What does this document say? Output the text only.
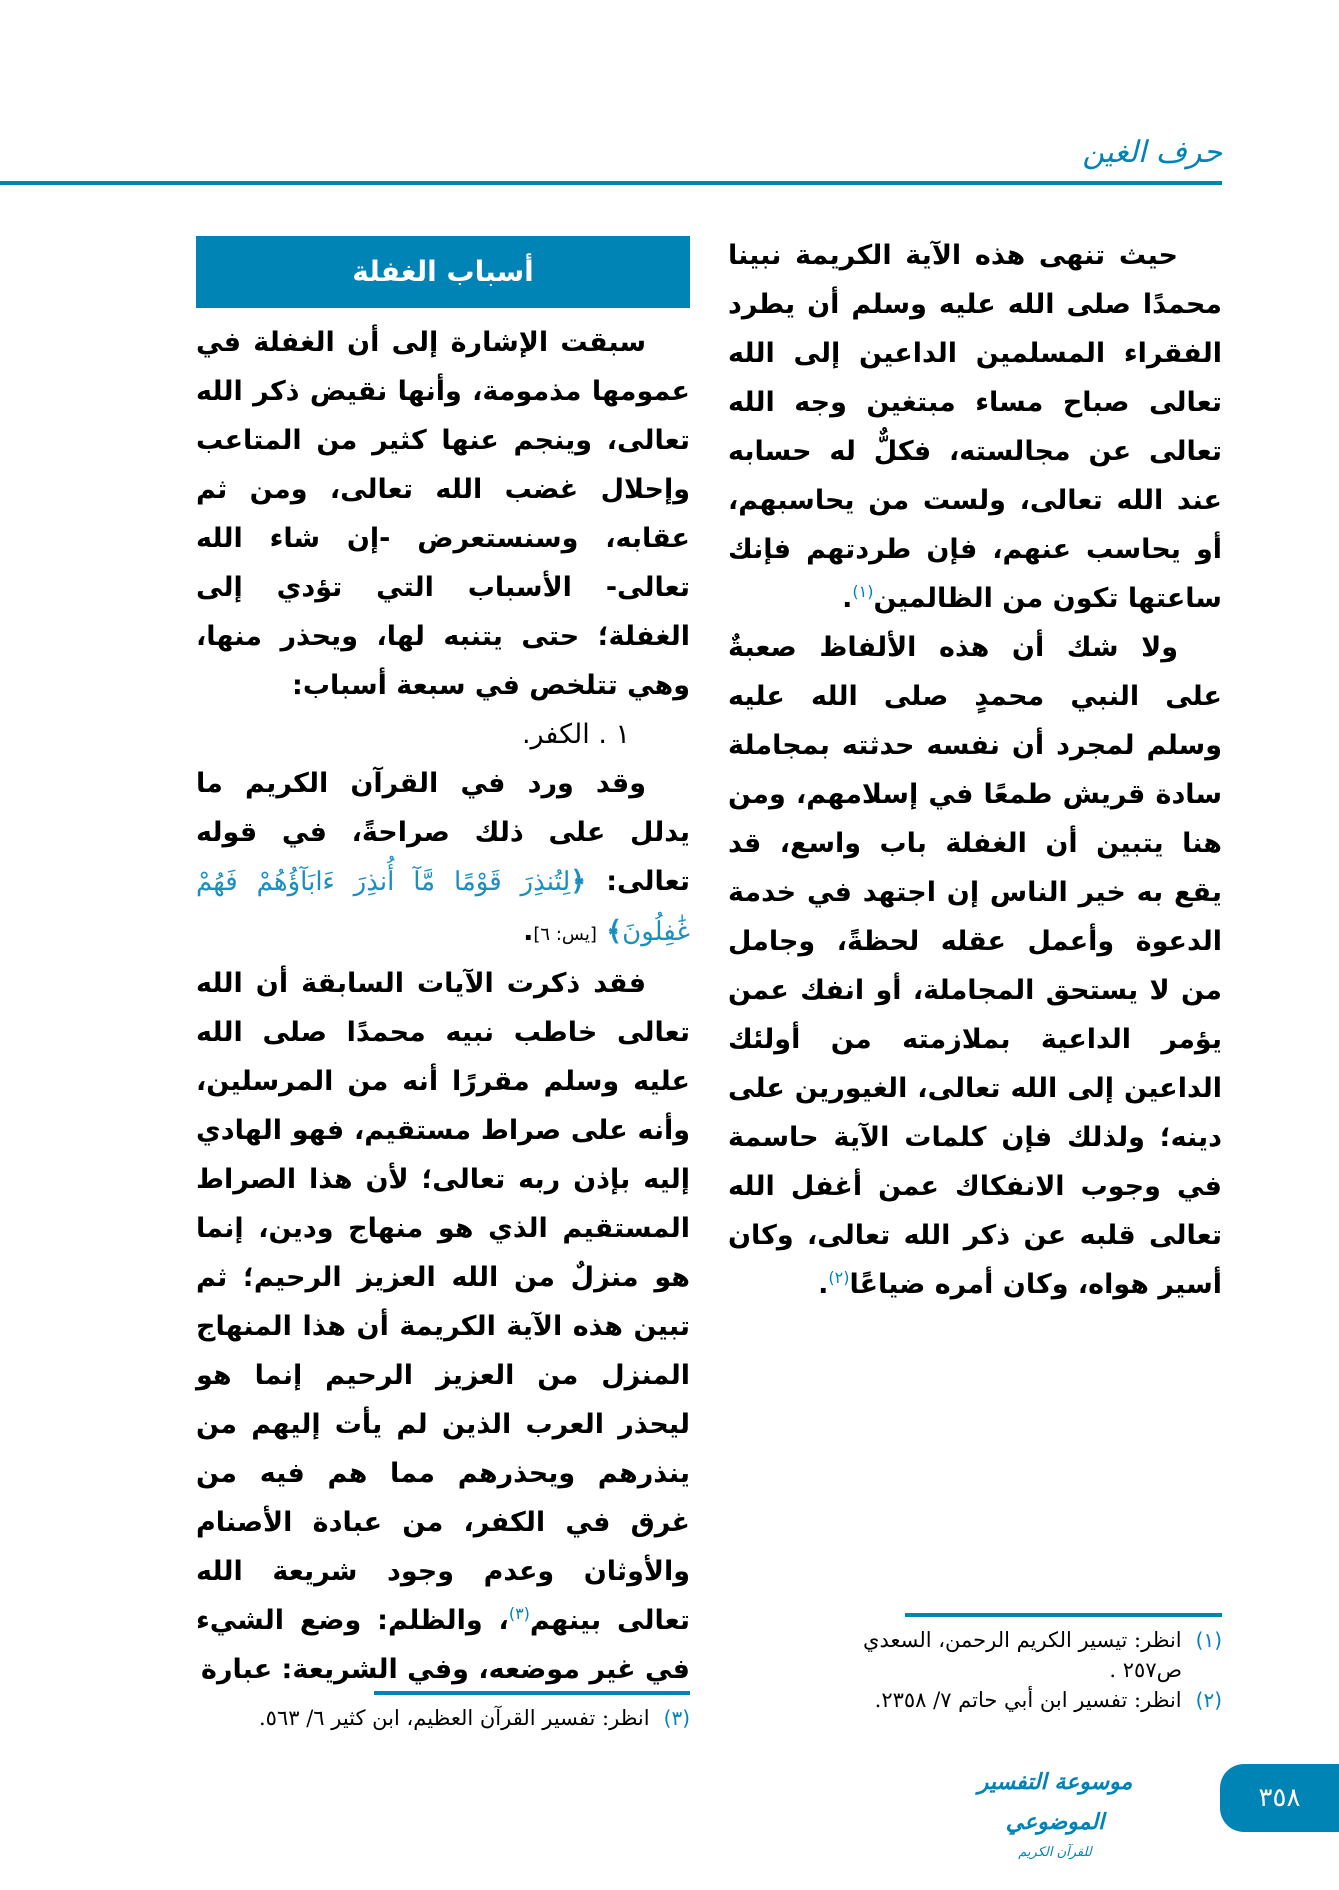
حرف الغين

حيث تنهى هذه الآية الكريمة نبينا محمدًا صلى الله عليه وسلم أن يطرد الفقراء المسلمين الداعين إلى الله تعالى صباح مساء مبتغين وجه الله تعالى عن مجالسته، فكلٌّ له حسابه عند الله تعالى، ولست من يحاسبهم، أو يحاسب عنهم، فإن طردتهم فإنك ساعتها تكون من الظالمين$^{(١)}$.

ولا شك أن هذه الألفاظ صعبةٌ على النبي محمدٍ صلى الله عليه وسلم لمجرد أن نفسه حدثته بمجاملة سادة قريش طمعًا في إسلامهم، ومن هنا يتبين أن الغفلة باب واسع، قد يقع به خير الناس إن اجتهد في خدمة الدعوة وأعمل عقله لحظةً، وجامل من لا يستحق المجاملة، أو انفك عمن يؤمر الداعية بملازمته من أولئك الداعين إلى الله تعالى، الغيورين على دينه؛ ولذلك فإن كلمات الآية حاسمة في وجوب الانفكاك عمن أغفل الله تعالى قلبه عن ذكر الله تعالى، وكان أسير هواه، وكان أمره ضياعًا$^{(٢)}$.

أسباب الغفلة

سبقت الإشارة إلى أن الغفلة في عمومها مذمومة، وأنها نقيض ذكر الله تعالى، وينجم عنها كثير من المتاعب وإحلال غضب الله تعالى، ومن ثم عقابه، وسنستعرض -إن شاء الله تعالى- الأسباب التي تؤدي إلى الغفلة؛ حتى يتنبه لها، ويحذر منها، وهي تتلخص في سبعة أسباب:

١ . الكفر.

وقد ورد في القرآن الكريم ما يدلل على ذلك صراحةً، في قوله تعالى: ﴿لِتُنذِرَ قَوْمًا مَّآ أُنذِرَ ءَابَآؤُهُمْ فَهُمْ غَٰفِلُونَ﴾ [يس: ٦].

فقد ذكرت الآيات السابقة أن الله تعالى خاطب نبيه محمدًا صلى الله عليه وسلم مقررًا أنه من المرسلين، وأنه على صراط مستقيم، فهو الهادي إليه بإذن ربه تعالى؛ لأن هذا الصراط المستقيم الذي هو منهاج ودين، إنما هو منزلٌ من الله العزيز الرحيم؛ ثم تبين هذه الآية الكريمة أن هذا المنهاج المنزل من العزيز الرحيم إنما هو ليحذر العرب الذين لم يأت إليهم من ينذرهم ويحذرهم مما هم فيه من غرق في الكفر، من عبادة الأصنام والأوثان وعدم وجود شريعة الله تعالى بينهم$^{(٣)}$، والظلم: وضع الشيء في غير موضعه، وفي الشريعة: عبارة

(١)انظر: تيسير الكريم الرحمن، السعدي

ص٢٥٧ .

(٢)انظر: تفسير ابن أبي حاتم ٧/ ٢٣٥٨.

(٣)انظر: تفسير القرآن العظيم، ابن كثير ٦/ ٥٦٣.

موسوعة التفسير الموضوعي
للقرآن الكريم
٣٥٨
